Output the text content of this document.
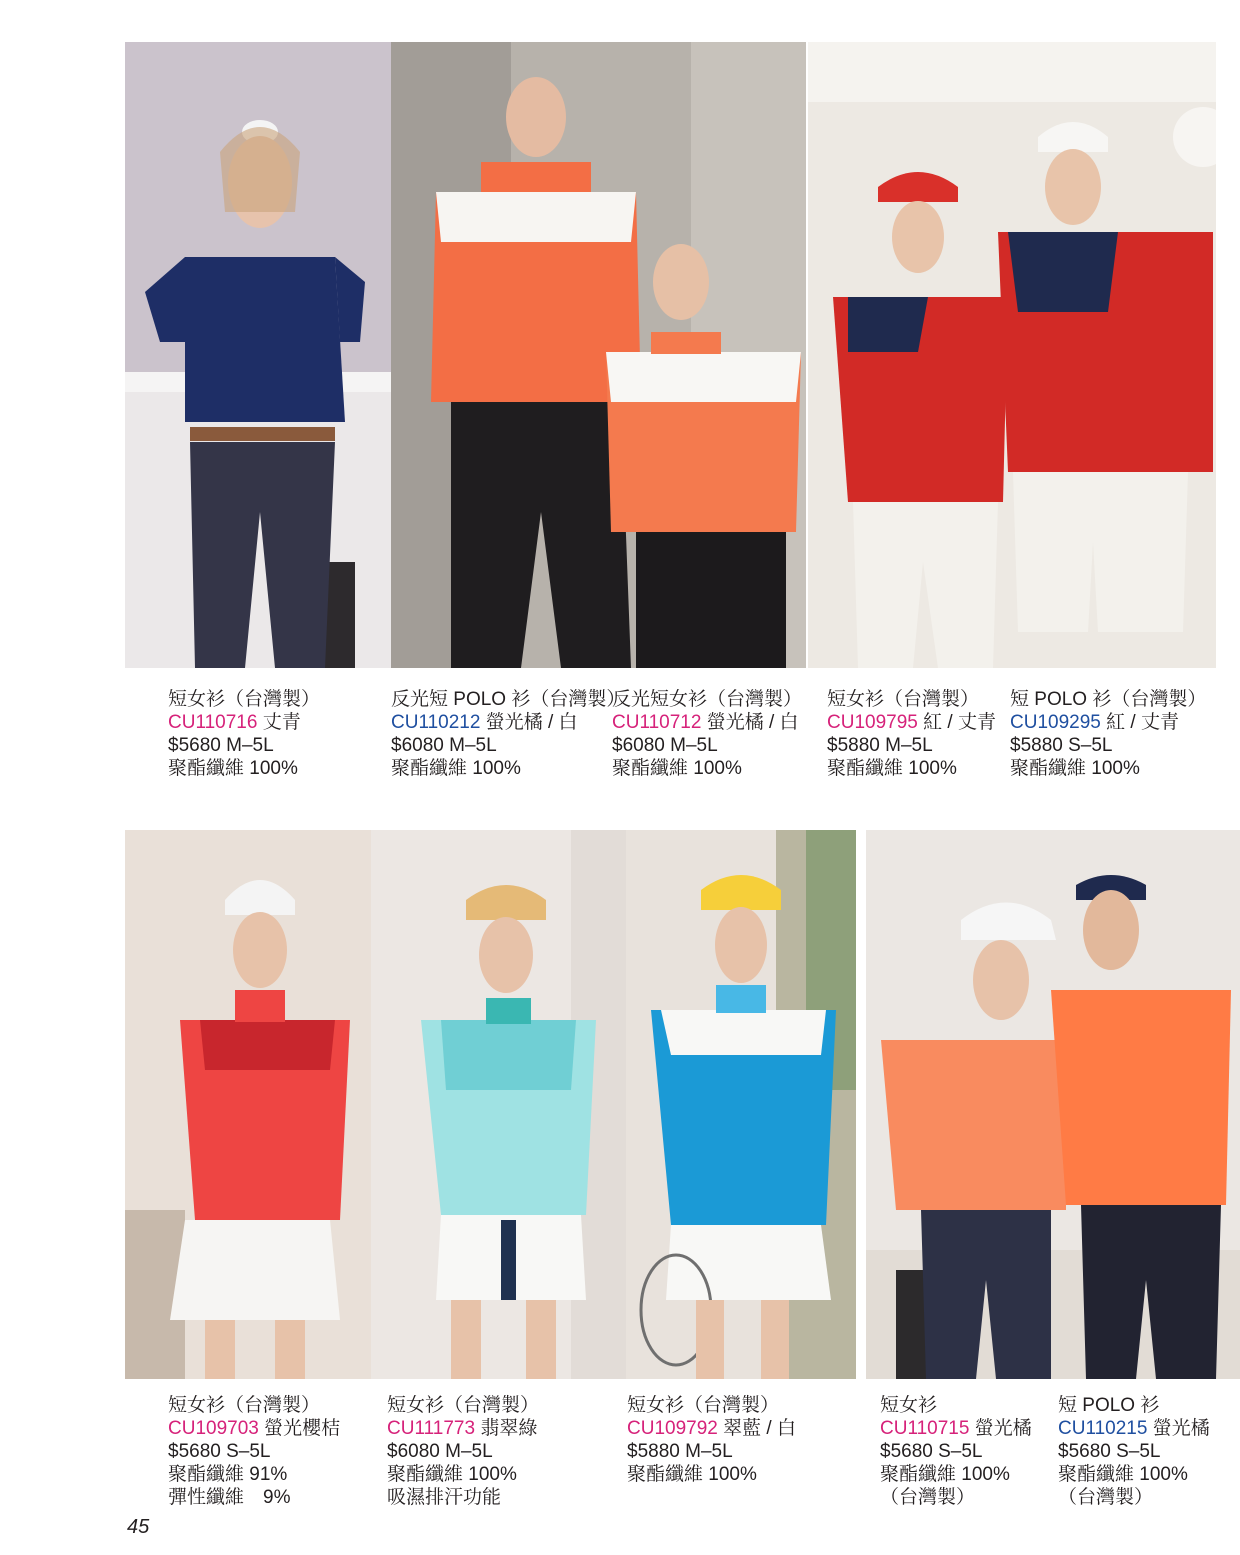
短女衫（台灣製）
CU110716 丈青
$5680 M–5L
聚酯纖維 100%
反光短 POLO 衫（台灣製）
CU110212 螢光橘 / 白
$6080 M–5L
聚酯纖維 100%
反光短女衫（台灣製）
CU110712 螢光橘 / 白
$6080 M–5L
聚酯纖維 100%
短女衫（台灣製）
CU109795 紅 / 丈青
$5880 M–5L
聚酯纖維 100%
短 POLO 衫（台灣製）
CU109295 紅 / 丈青
$5880 S–5L
聚酯纖維 100%
短女衫（台灣製）
CU109703 螢光櫻桔
$5680 S–5L
聚酯纖維 91%
彈性纖維　9%
短女衫（台灣製）
CU111773 翡翠綠
$6080 M–5L
聚酯纖維 100%
吸濕排汗功能
短女衫（台灣製）
CU109792 翠藍 / 白
$5880 M–5L
聚酯纖維 100%
短女衫
CU110715 螢光橘
$5680 S–5L
聚酯纖維 100%
（台灣製）
短 POLO 衫
CU110215 螢光橘
$5680 S–5L
聚酯纖維 100%
（台灣製）
45
